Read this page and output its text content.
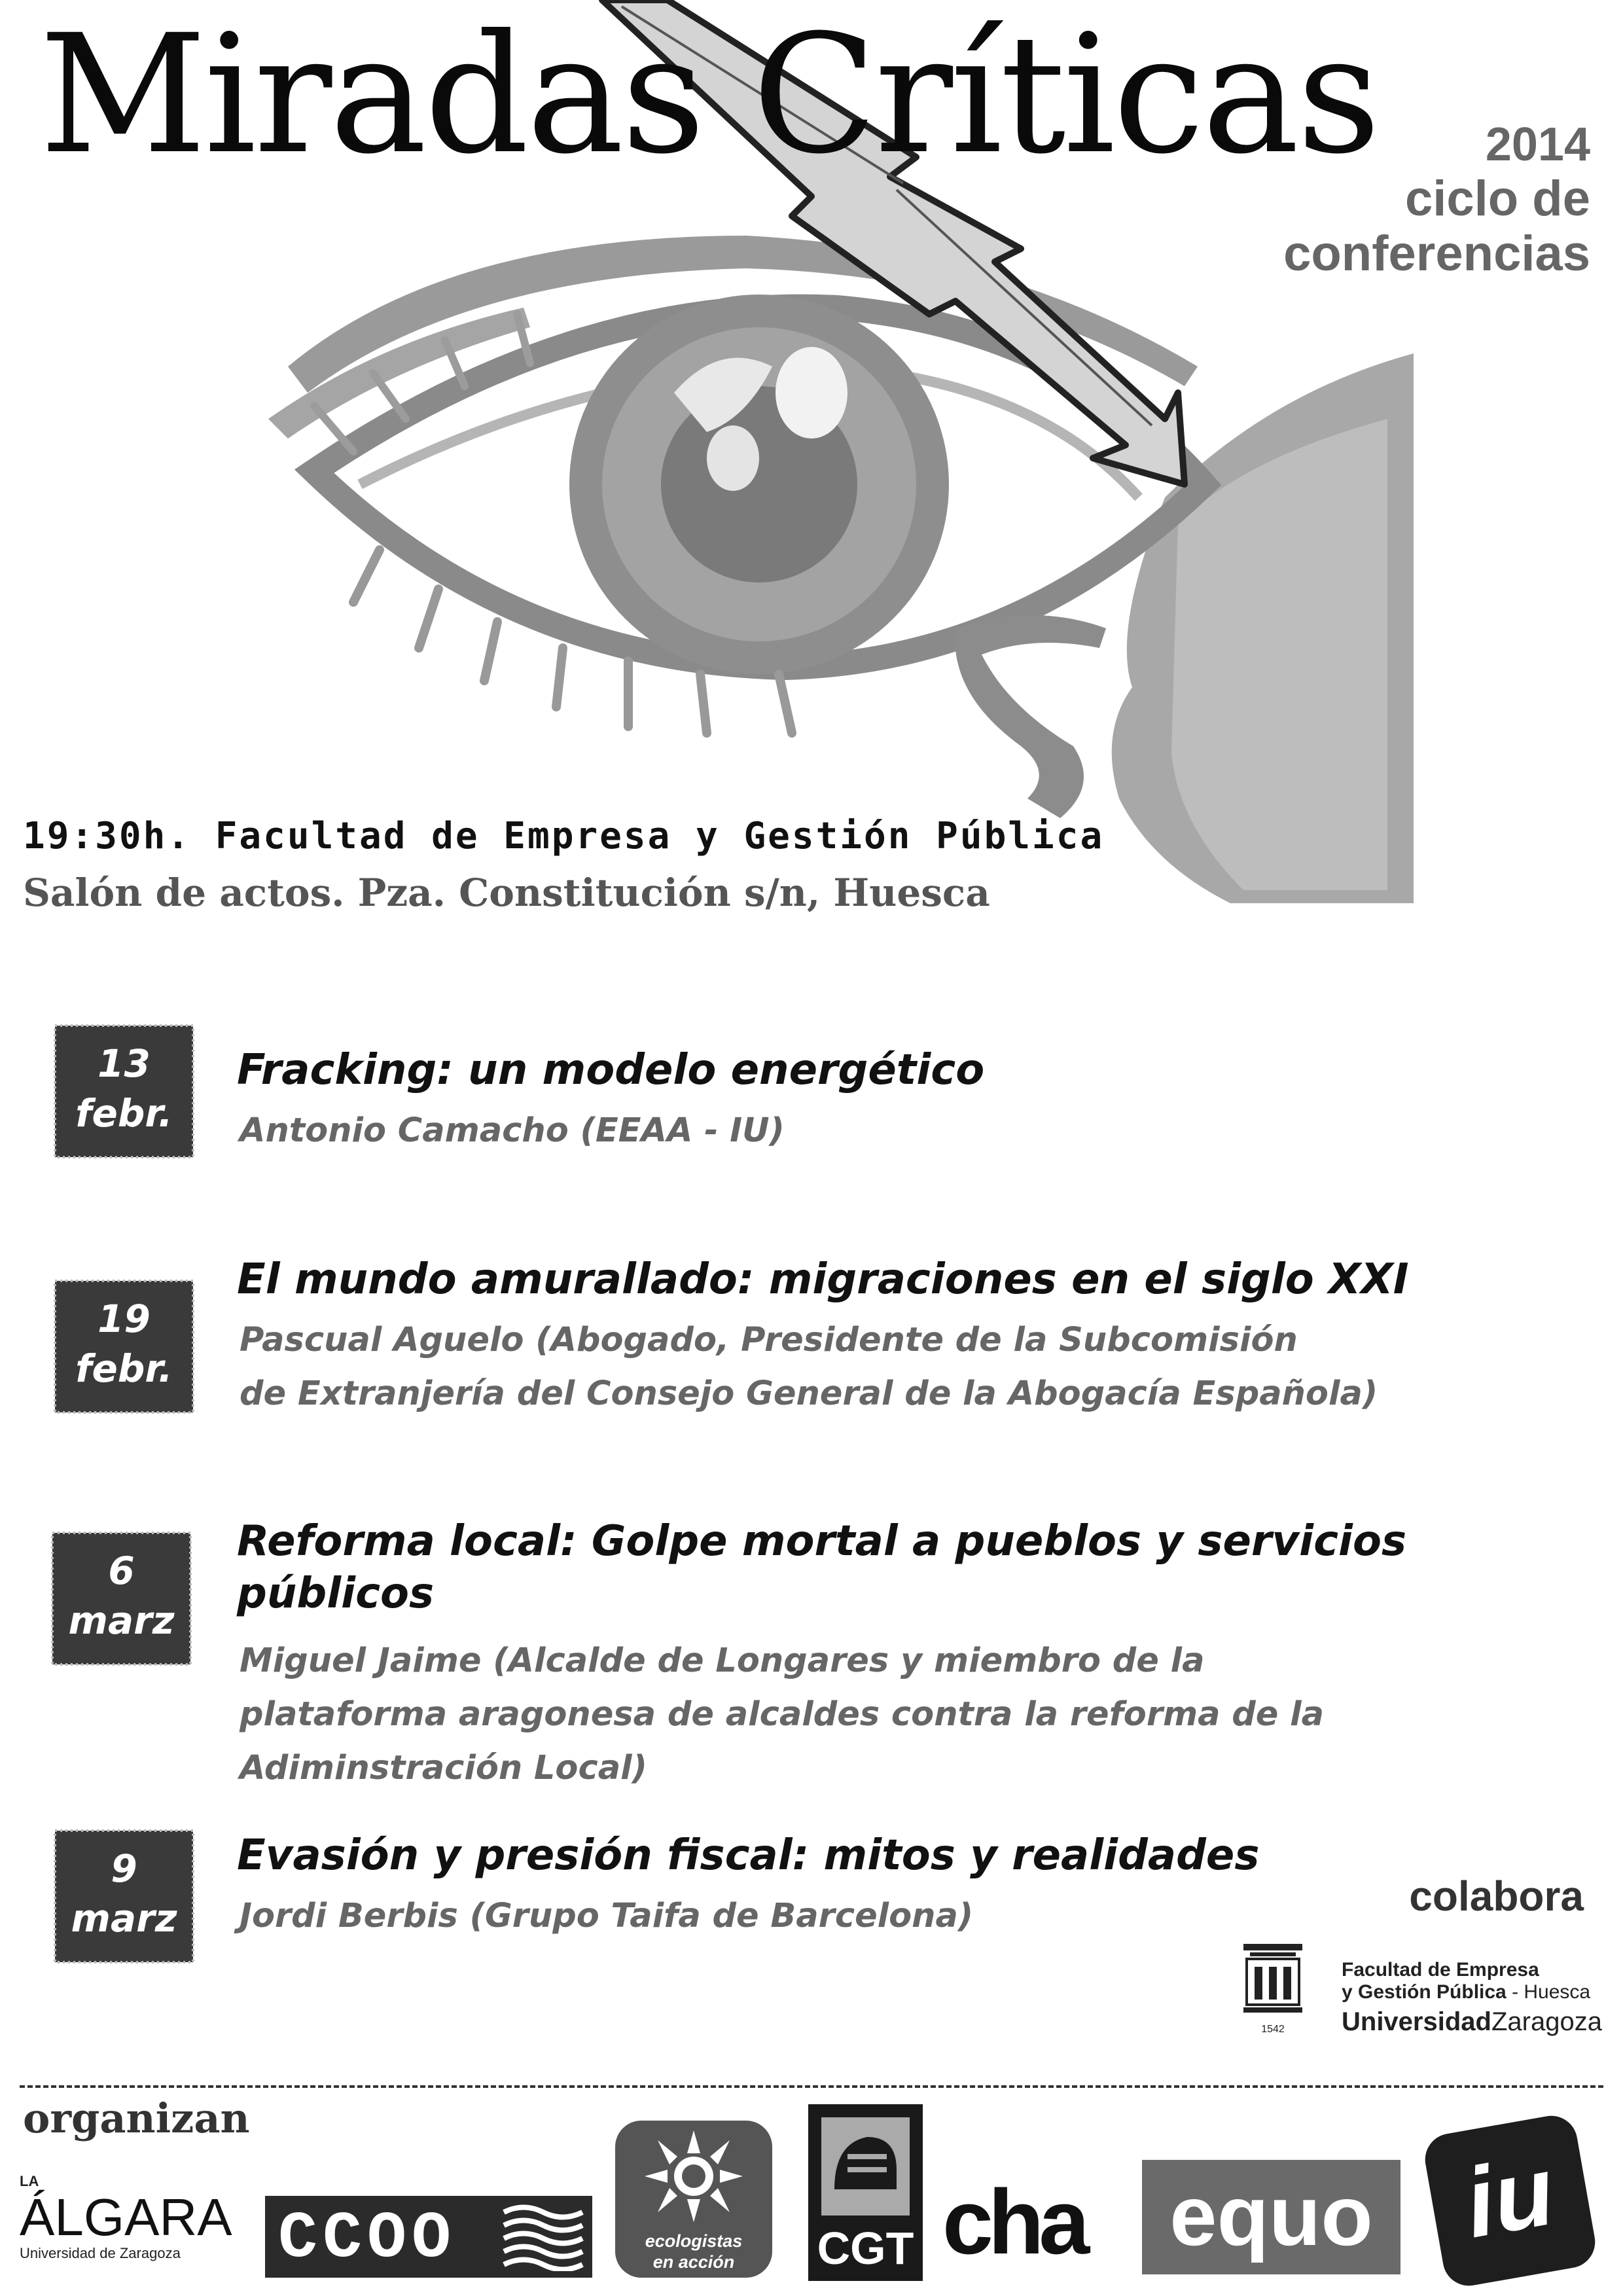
Miradas Críticas 2014
ciclo de
conferencias
19:30h. Facultad de Empresa y Gestión Pública
Salón de actos. Pza. Constitución s/n, Huesca
13
febr.
Fracking: un modelo energético
Antonio Camacho (EEAA - IU)
19
febr.
El mundo amurallado: migraciones en el siglo XXI
Pascual Aguelo (Abogado, Presidente de la Subcomisión
de Extranjería del Consejo General de la Abogacía Española)
6
marz
Reforma local: Golpe mortal a pueblos y servicios
públicos
Miguel Jaime (Alcalde de Longares y miembro de la
plataforma aragonesa de alcaldes contra la reforma de la
Adiminstración Local)
9
marz
Evasión y presión fiscal: mitos y realidades
Jordi Berbis (Grupo Taifa de Barcelona)	colabora
1542
Facultad de Empresa
y Gestión Pública - Huesca
UniversidadZaragoza
organizan
LA
ÁLGARA
Universidad de Zaragoza	CCOO	ecologistas
en acción	CGT cha equo iu
